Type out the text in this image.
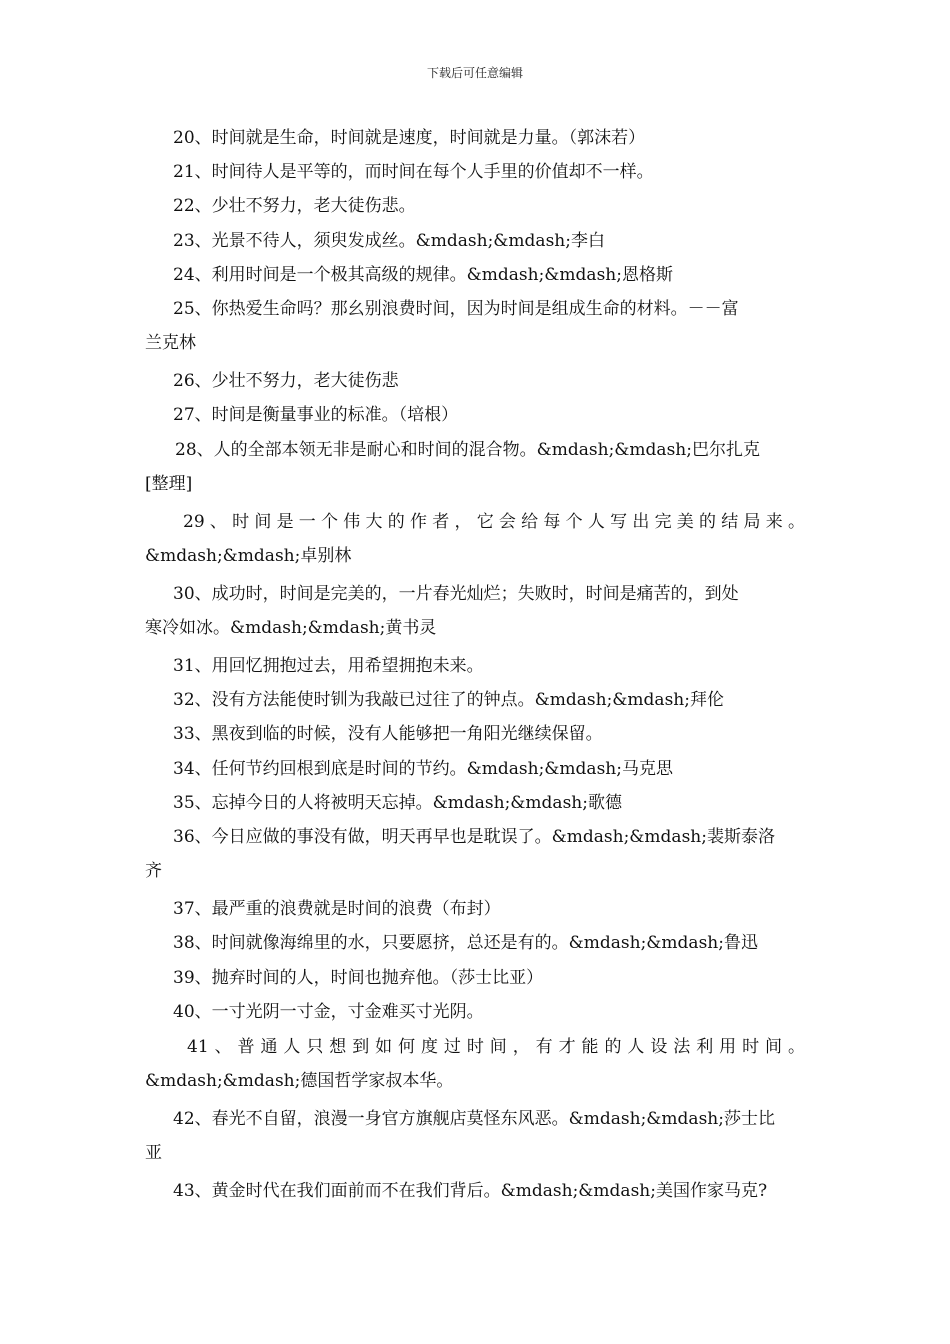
下载后可任意编辑
20、时间就是生命，时间就是速度，时间就是力量。（郭沫若）
21、时间待人是平等的，而时间在每个人手里的价值却不一样。
22、少壮不努力，老大徒伤悲。
23、光景不待人，须臾发成丝。&mdash;&mdash;李白
24、利用时间是一个极其高级的规律。&mdash;&mdash;恩格斯
25、你热爱生命吗？那幺别浪费时间，因为时间是组成生命的材料。－－富
兰克林
26、少壮不努力，老大徒伤悲
27、时间是衡量事业的标准。（培根）
28、人的全部本领无非是耐心和时间的混合物。&mdash;&mdash;巴尔扎克
[整理]
29、时间是一个伟大的作者，它会给每个人写出完美的结局来。
&mdash;&mdash;卓别林
30、成功时，时间是完美的，一片春光灿烂；失败时，时间是痛苦的，到处
寒冷如冰。&mdash;&mdash;黄书灵
31、用回忆拥抱过去，用希望拥抱未来。
32、没有方法能使时钏为我敲已过往了的钟点。&mdash;&mdash;拜伦
33、黑夜到临的时候，没有人能够把一角阳光继续保留。
34、任何节约回根到底是时间的节约。&mdash;&mdash;马克思
35、忘掉今日的人将被明天忘掉。&mdash;&mdash;歌德
36、今日应做的事没有做，明天再早也是耽误了。&mdash;&mdash;裴斯泰洛
齐
37、最严重的浪费就是时间的浪费（布封）
38、时间就像海绵里的水，只要愿挤，总还是有的。&mdash;&mdash;鲁迅
39、抛弃时间的人，时间也抛弃他。（莎士比亚）
40、一寸光阴一寸金，寸金难买寸光阴。
41、普通人只想到如何度过时间，有才能的人设法利用时间。
&mdash;&mdash;德国哲学家叔本华。
42、春光不自留，浪漫一身官方旗舰店莫怪东风恶。&mdash;&mdash;莎士比
亚
43、黄金时代在我们面前而不在我们背后。&mdash;&mdash;美国作家马克?
